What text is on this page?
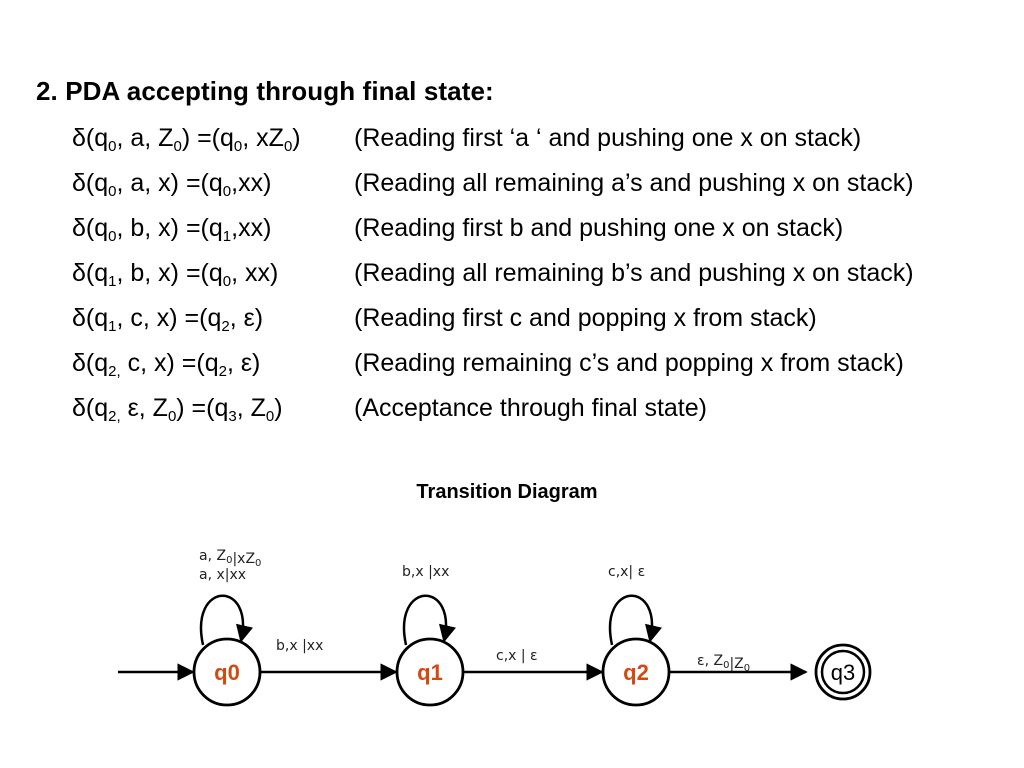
2. PDA accepting through final state:
$\delta(q_0$, a, $Z_0) =(q_0$, $xZ_0$) (Reading first ‘a ‘ and pushing one x on stack)
$\delta(q_0$, a, $x) =(q_0,xx)$	(Reading all remaining a’s and pushing x on stack)
$\delta(q_0$, b, $x) =(q_1,xx)$	(Reading first b and pushing one x on stack)
$\delta(q_1$, b, $x) =(q_0$, xx)	(Reading all remaining b’s and pushing x on stack)
$\delta(q_1$, c, $x) =(q_2$, ε)	(Reading first c and popping x from stack)
$\delta(q_{2,}$ c, $x) =(q_2$, ε)	(Reading remaining c’s and popping x from stack)
$\delta(q_{2,}$ ε, $Z_0) =(q_3$, $Z_0$)	(Acceptance through final state)
Transition Diagram
b,x |xx
c,x | ε	ε, $Z_0|Z_0$
a, $Z_0|xZ_0$
a, x|xx	b,x |xx	c,x| ε
q0	q1	q2	q3
